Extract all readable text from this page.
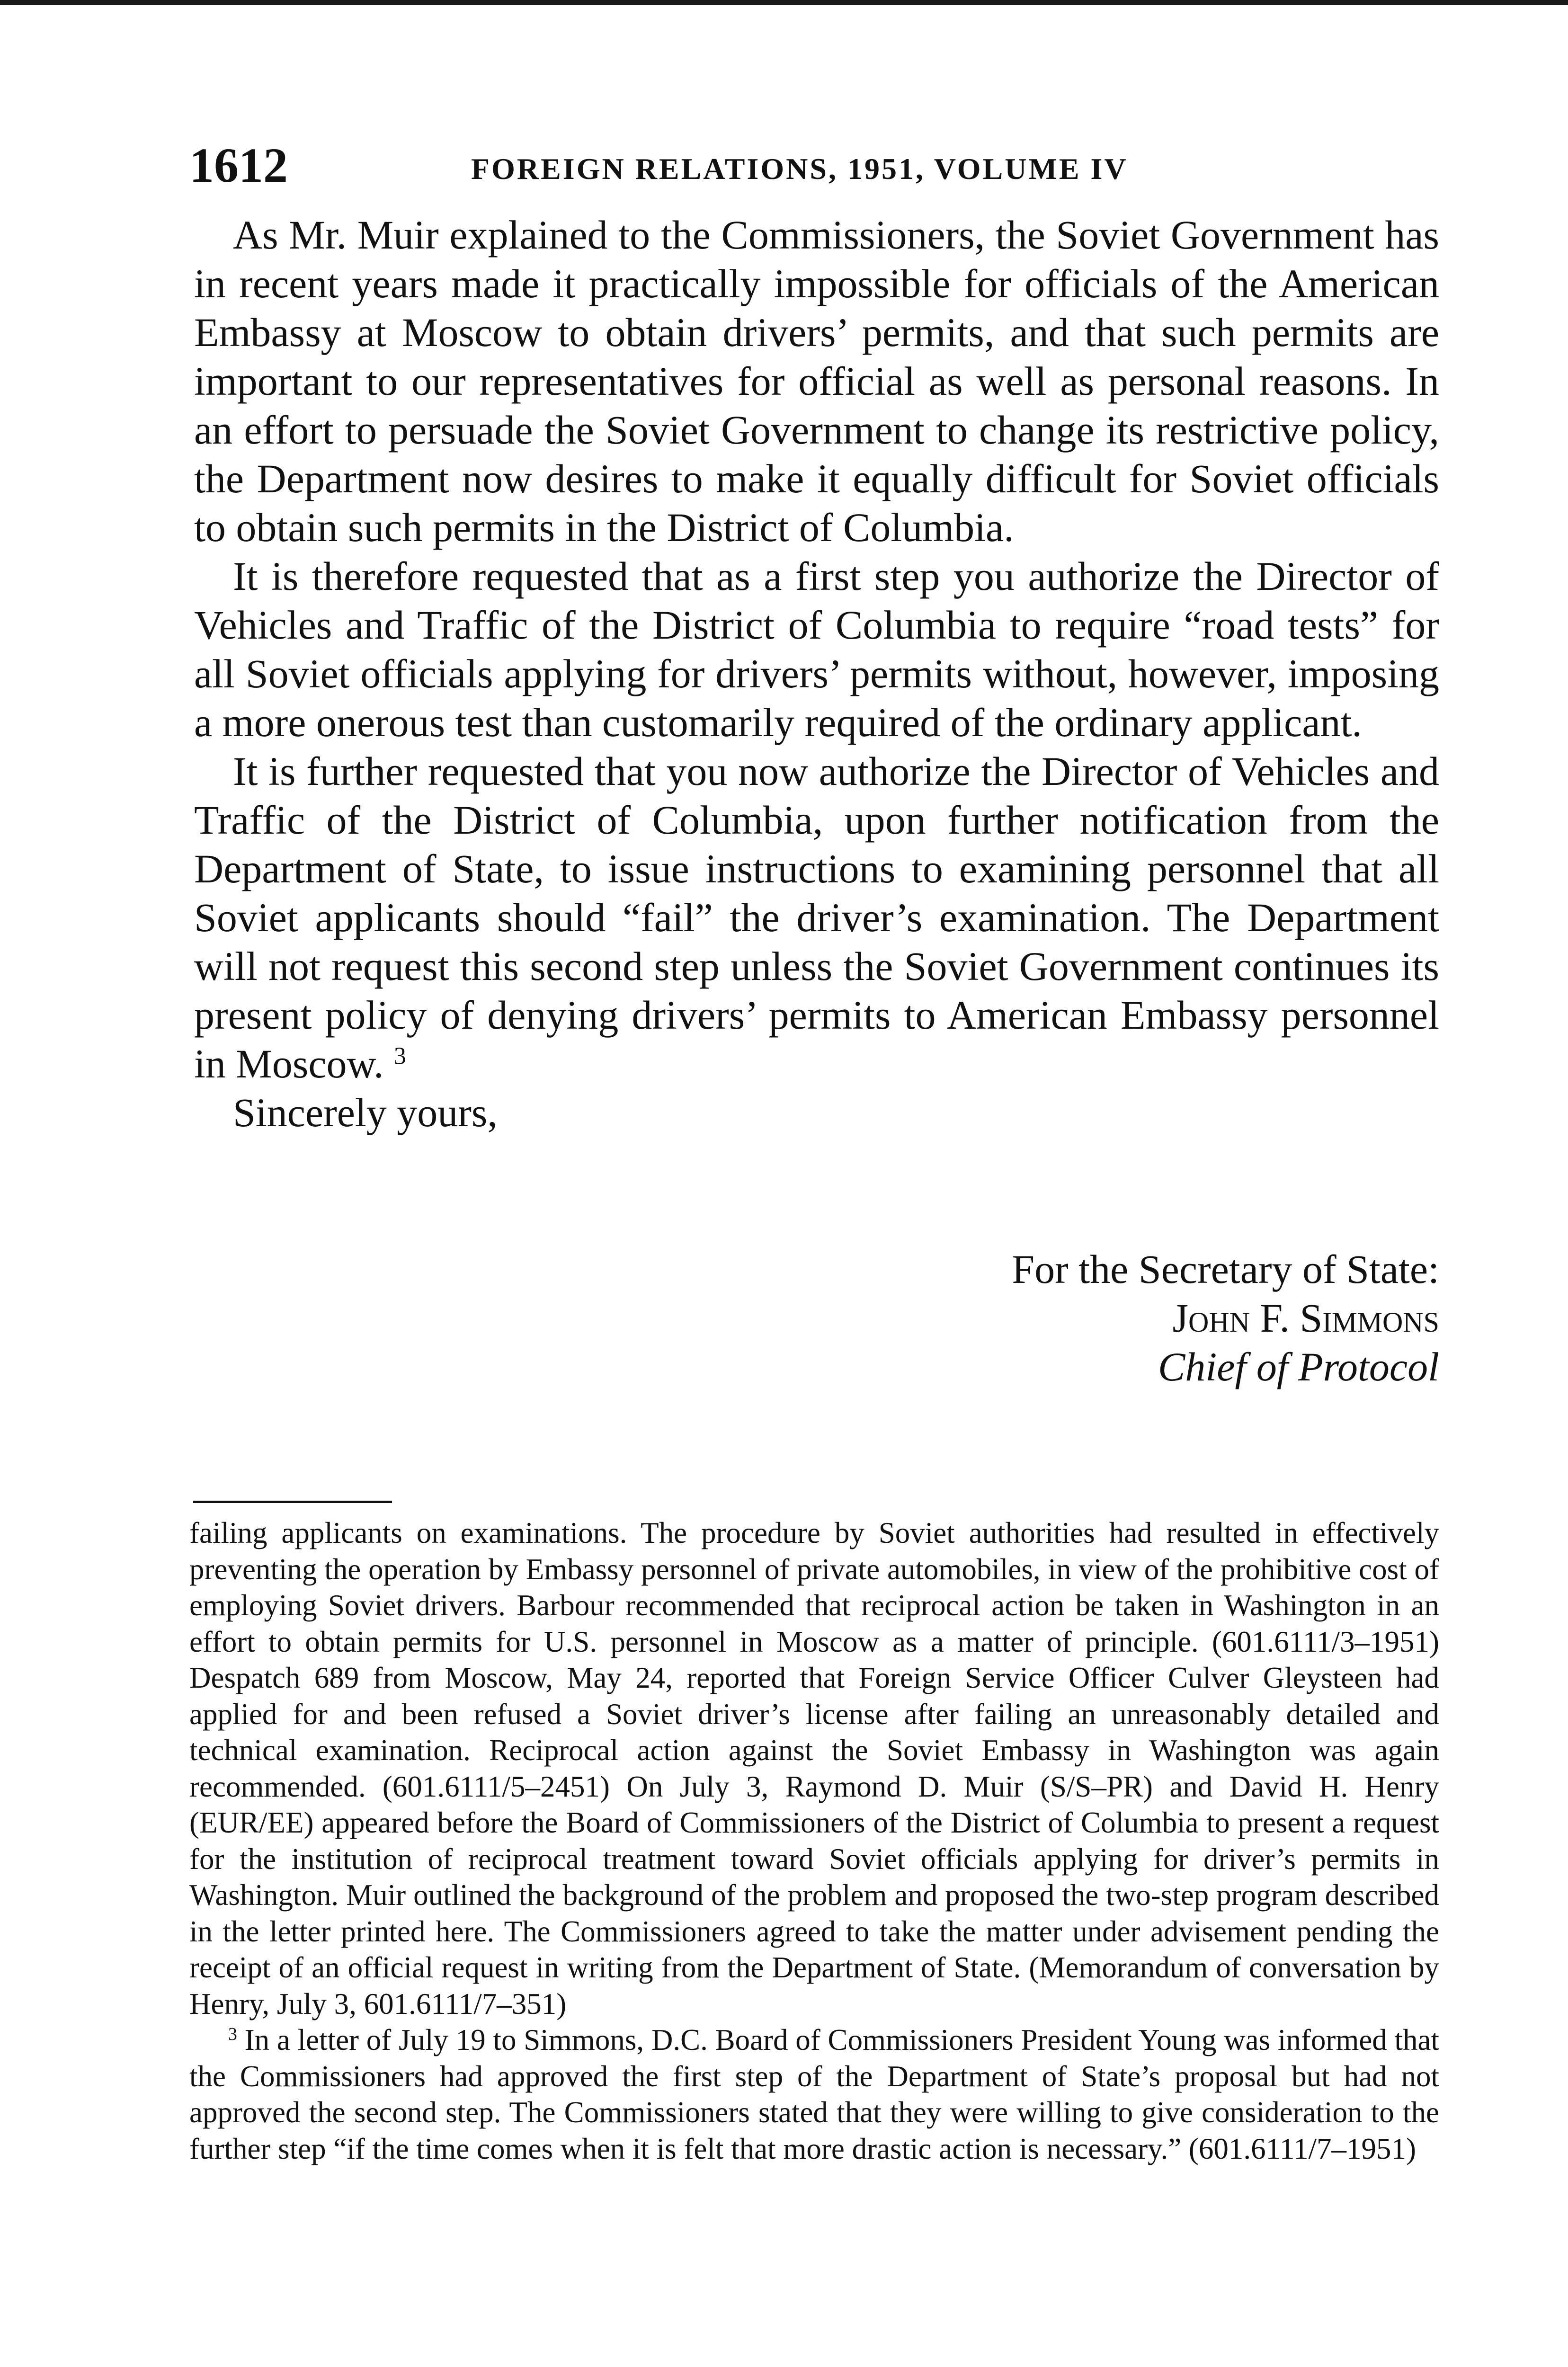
1612	FOREIGN RELATIONS, 1951, VOLUME IV

As Mr. Muir explained to the Commissioners, the Soviet Government has in recent years made it practically impossible for officials of the American Embassy at Moscow to obtain drivers’ permits, and that such permits are important to our representatives for official as well as personal reasons. In an effort to persuade the Soviet Government to change its restrictive policy, the Department now desires to make it equally difficult for Soviet officials to obtain such permits in the District of Columbia.

It is therefore requested that as a first step you authorize the Director of Vehicles and Traffic of the District of Columbia to require “road tests” for all Soviet officials applying for drivers’ permits without, however, imposing a more onerous test than customarily required of the ordinary applicant.

It is further requested that you now authorize the Director of Vehicles and Traffic of the District of Columbia, upon further notification from the Department of State, to issue instructions to examining personnel that all Soviet applicants should “fail” the driver’s examination. The Department will not request this second step unless the Soviet Government continues its present policy of denying drivers’ permits to American Embassy personnel in Moscow. $^3$

Sincerely yours,

For the Secretary of State:
John F. Simmons
Chief of Protocol

failing applicants on examinations. The procedure by Soviet authorities had resulted in effectively preventing the operation by Embassy personnel of private automobiles, in view of the prohibitive cost of employing Soviet drivers. Barbour recommended that reciprocal action be taken in Washington in an effort to obtain permits for U.S. personnel in Moscow as a matter of principle. (601.6111/3–1951) Despatch 689 from Moscow, May 24, reported that Foreign Service Officer Culver Gleysteen had applied for and been refused a Soviet driver’s license after failing an unreasonably detailed and technical examination. Reciprocal action against the Soviet Embassy in Washington was again recommended. (601.6111/5–2451) On July 3, Raymond D. Muir (S/S–PR) and David H. Henry (EUR/EE) appeared before the Board of Commissioners of the District of Columbia to present a request for the institution of reciprocal treatment toward Soviet officials applying for driver’s permits in Washington. Muir outlined the background of the problem and proposed the two-step program described in the letter printed here. The Commissioners agreed to take the matter under advisement pending the receipt of an official request in writing from the Department of State. (Memorandum of conversation by Henry, July 3, 601.6111/7–351)

$^3$ In a letter of July 19 to Simmons, D.C. Board of Commissioners President Young was informed that the Commissioners had approved the first step of the Department of State’s proposal but had not approved the second step. The Commissioners stated that they were willing to give consideration to the further step “if the time comes when it is felt that more drastic action is necessary.” (601.6111/7–1951)
